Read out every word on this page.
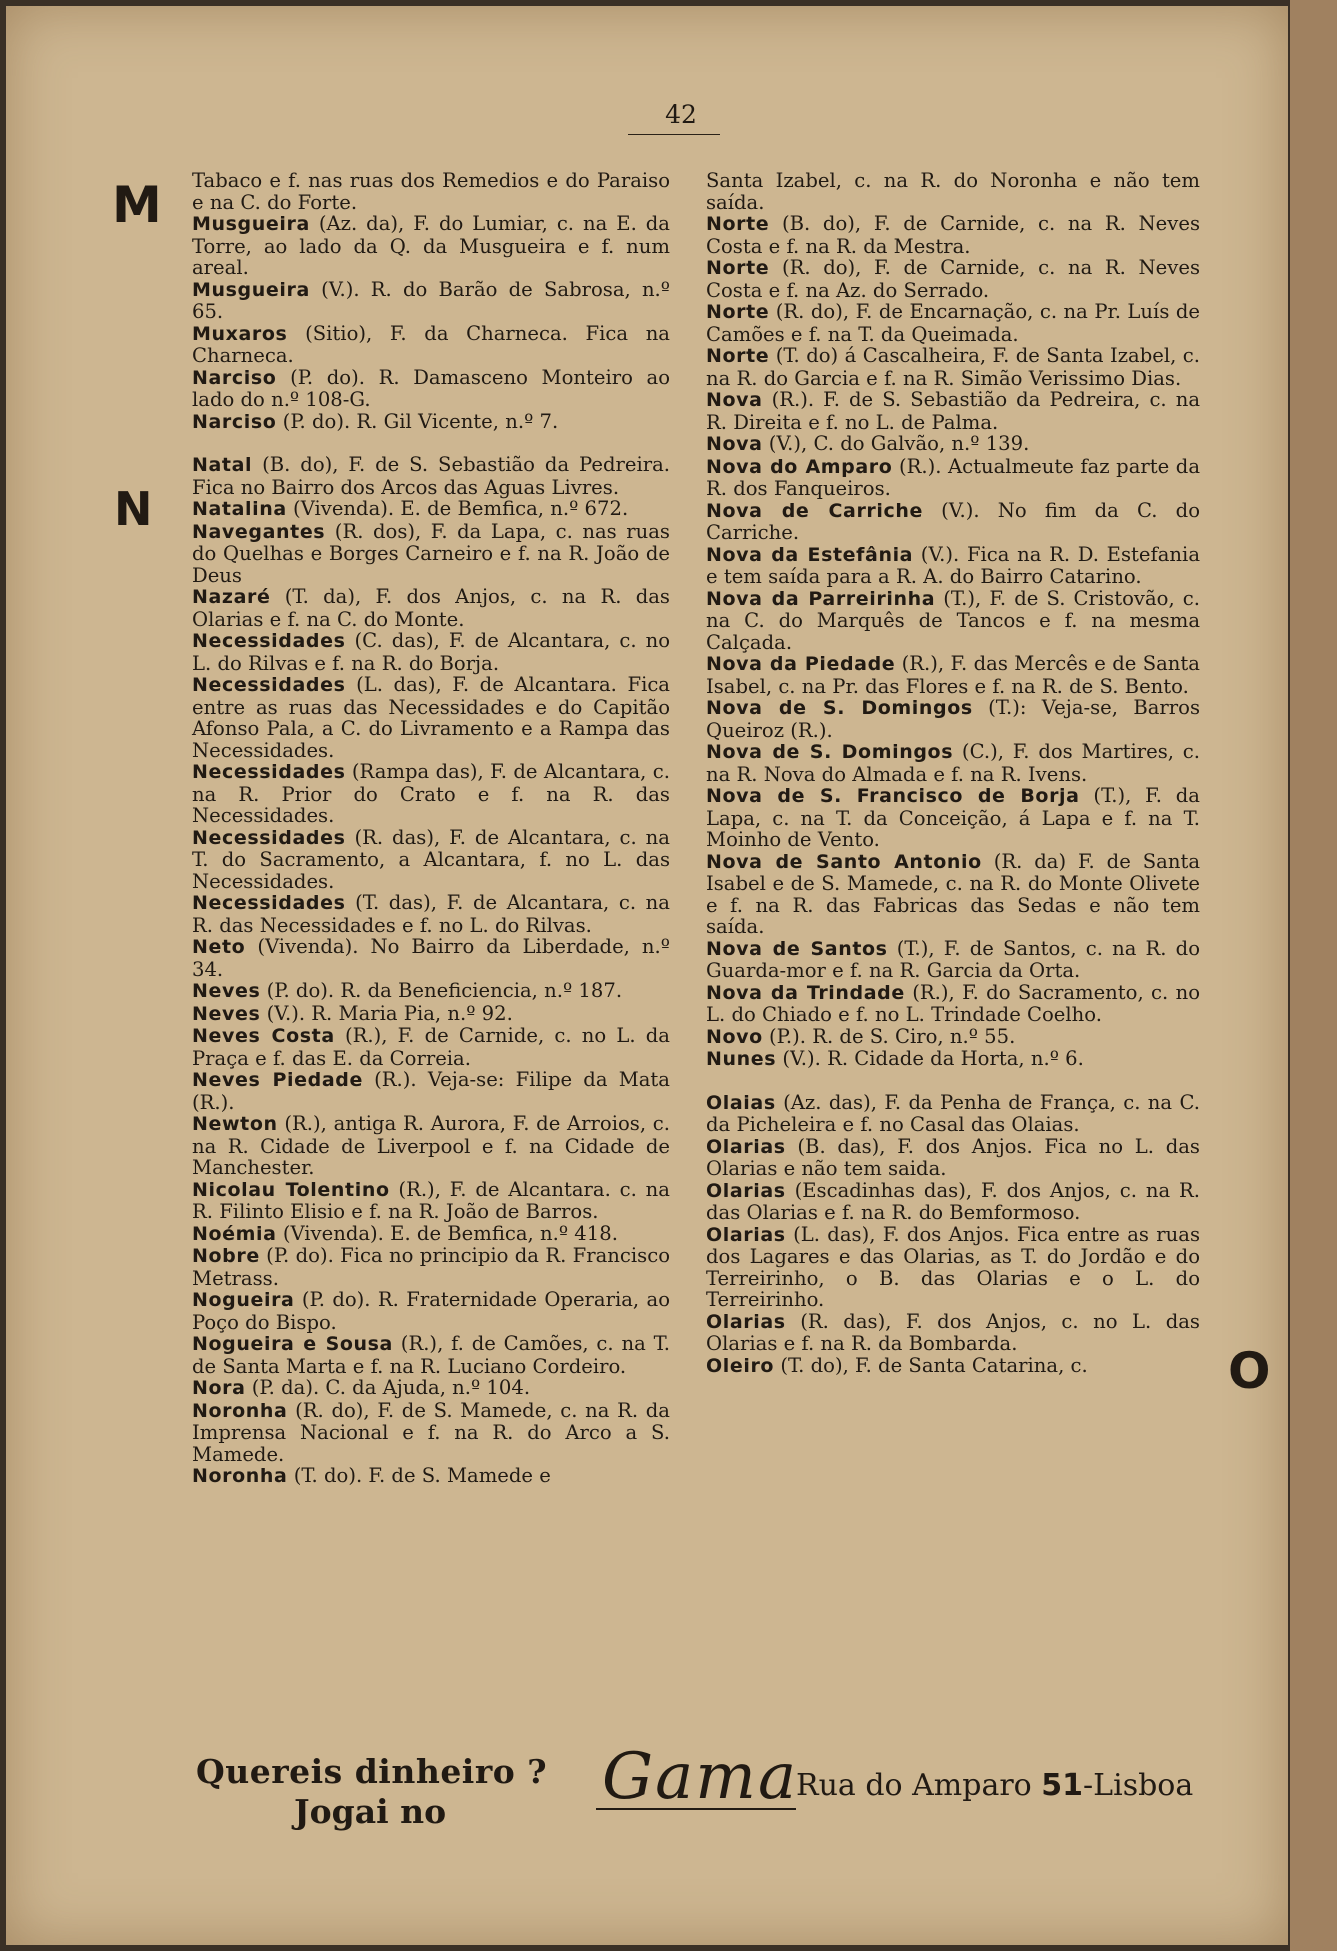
42
M
N
O

Tabaco e f. nas ruas dos Remedios e do Paraiso e na C. do Forte.

Musgueira (Az. da), F. do Lumiar, c. na E. da Torre, ao lado da Q. da Musgueira e f. num areal.

Musgueira (V.). R. do Barão de Sabrosa, n.º 65.

Muxaros (Sitio), F. da Charneca. Fica na Charneca.

Narciso (P. do). R. Damasceno Monteiro ao lado do n.º 108-G.

Narciso (P. do). R. Gil Vicente, n.º 7.

Natal (B. do), F. de S. Sebastião da Pedreira. Fica no Bairro dos Arcos das Aguas Livres.

Natalina (Vivenda). E. de Bemfica, n.º 672.

Navegantes (R. dos), F. da Lapa, c. nas ruas do Quelhas e Borges Carneiro e f. na R. João de Deus

Nazaré (T. da), F. dos Anjos, c. na R. das Olarias e f. na C. do Monte.

Necessidades (C. das), F. de Alcantara, c. no L. do Rilvas e f. na R. do Borja.

Necessidades (L. das), F. de Alcantara. Fica entre as ruas das Necessidades e do Capitão Afonso Pala, a C. do Livramento e a Rampa das Necessidades.

Necessidades (Rampa das), F. de Alcantara, c. na R. Prior do Crato e f. na R. das Necessidades.

Necessidades (R. das), F. de Alcantara, c. na T. do Sacramento, a Alcantara, f. no L. das Necessidades.

Necessidades (T. das), F. de Alcantara, c. na R. das Necessidades e f. no L. do Rilvas.

Neto (Vivenda). No Bairro da Liberdade, n.º 34.

Neves (P. do). R. da Beneficiencia, n.º 187.

Neves (V.). R. Maria Pia, n.º 92.

Neves Costa (R.), F. de Carnide, c. no L. da Praça e f. das E. da Correia.

Neves Piedade (R.). Veja-se: Filipe da Mata (R.).

Newton (R.), antiga R. Aurora, F. de Arroios, c. na R. Cidade de Liverpool e f. na Cidade de Manchester.

Nicolau Tolentino (R.), F. de Alcantara. c. na R. Filinto Elisio e f. na R. João de Barros.

Noémia (Vivenda). E. de Bemfica, n.º 418.

Nobre (P. do). Fica no principio da R. Francisco Metrass.

Nogueira (P. do). R. Fraternidade Operaria, ao Poço do Bispo.

Nogueira e Sousa (R.), f. de Camões, c. na T. de Santa Marta e f. na R. Luciano Cordeiro.

Nora (P. da). C. da Ajuda, n.º 104.

Noronha (R. do), F. de S. Mamede, c. na R. da Imprensa Nacional e f. na R. do Arco a S. Mamede.

Noronha (T. do). F. de S. Mamede e

Santa Izabel, c. na R. do Noronha e não tem saída.

Norte (B. do), F. de Carnide, c. na R. Neves Costa e f. na R. da Mestra.

Norte (R. do), F. de Carnide, c. na R. Neves Costa e f. na Az. do Serrado.

Norte (R. do), F. de Encarnação, c. na Pr. Luís de Camões e f. na T. da Queimada.

Norte (T. do) á Cascalheira, F. de Santa Izabel, c. na R. do Garcia e f. na R. Simão Verissimo Dias.

Nova (R.). F. de S. Sebastião da Pedreira, c. na R. Direita e f. no L. de Palma.

Nova (V.), C. do Galvão, n.º 139.

Nova do Amparo (R.). Actualmeute faz parte da R. dos Fanqueiros.

Nova de Carriche (V.). No fim da C. do Carriche.

Nova da Estefânia (V.). Fica na R. D. Estefania e tem saída para a R. A. do Bairro Catarino.

Nova da Parreirinha (T.), F. de S. Cristovão, c. na C. do Marquês de Tancos e f. na mesma Calçada.

Nova da Piedade (R.), F. das Mercês e de Santa Isabel, c. na Pr. das Flores e f. na R. de S. Bento.

Nova de S. Domingos (T.): Veja-se, Barros Queiroz (R.).

Nova de S. Domingos (C.), F. dos Martires, c. na R. Nova do Almada e f. na R. Ivens.

Nova de S. Francisco de Borja (T.), F. da Lapa, c. na T. da Conceição, á Lapa e f. na T. Moinho de Vento.

Nova de Santo Antonio (R. da) F. de Santa Isabel e de S. Mamede, c. na R. do Monte Olivete e f. na R. das Fabricas das Sedas e não tem saída.

Nova de Santos (T.), F. de Santos, c. na R. do Guarda-mor e f. na R. Garcia da Orta.

Nova da Trindade (R.), F. do Sacramento, c. no L. do Chiado e f. no L. Trindade Coelho.

Novo (P.). R. de S. Ciro, n.º 55.

Nunes (V.). R. Cidade da Horta, n.º 6.

Olaias (Az. das), F. da Penha de França, c. na C. da Picheleira e f. no Casal das Olaias.

Olarias (B. das), F. dos Anjos. Fica no L. das Olarias e não tem saida.

Olarias (Escadinhas das), F. dos Anjos, c. na R. das Olarias e f. na R. do Bemformoso.

Olarias (L. das), F. dos Anjos. Fica entre as ruas dos Lagares e das Olarias, as T. do Jordão e do Terreirinho, o B. das Olarias e o L. do Terreirinho.

Olarias (R. das), F. dos Anjos, c. no L. das Olarias e f. na R. da Bombarda.

Oleiro (T. do), F. de Santa Catarina, c.

Quereis dinheiro ?
Jogai no Gama
Rua do Amparo 51-Lisboa
